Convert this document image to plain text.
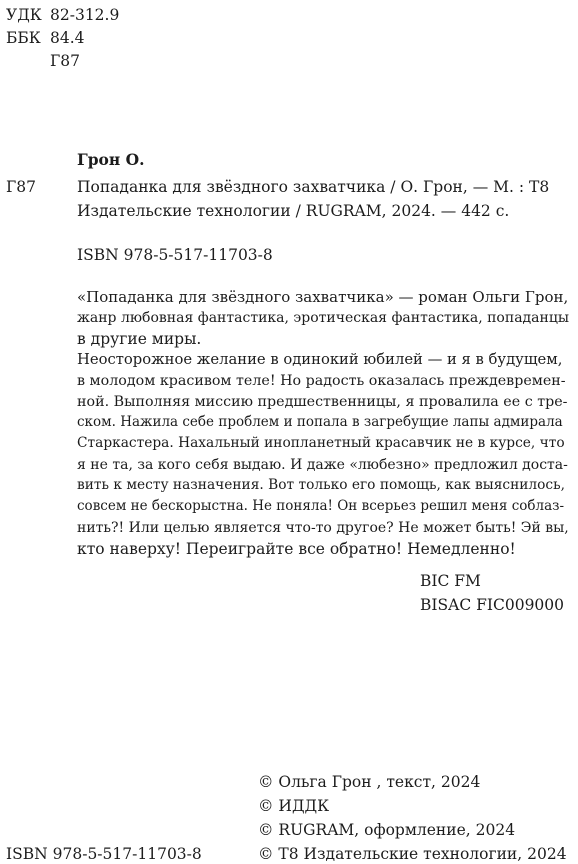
УДК 82-312.9
ББК 84.4
Г87
Грон О.
Г87	Попаданка для звёздного захватчика / О. Грон, — М. : Т8
Издательские технологии / RUGRAM, 2024. — 442 с.
ISBN 978-5-517-11703-8
«Попаданка для звёздного захватчика» — роман Ольги Грон,
жанр любовная фантастика, эротическая фантастика, попаданцы
в другие миры.
Неосторожное желание в одинокий юбилей — и я в будущем,
в молодом красивом теле! Но радость оказалась преждевремен-
ной. Выполняя миссию предшественницы, я провалила ее с тре-
ском. Нажила себе проблем и попала в загребущие лапы адмирала
Старкастера. Нахальный инопланетный красавчик не в курсе, что
я не та, за кого себя выдаю. И даже «любезно» предложил доста-
вить к месту назначения. Вот только его помощь, как выяснилось,
совсем не бескорыстна. Не поняла! Он всерьез решил меня соблаз-
нить?! Или целью является что-то другое? Не может быть! Эй вы,
кто наверху! Переиграйте все обратно! Немедленно!
BIC FM
BISAC FIC009000
© Ольга Грон , текст, 2024
© ИДДК
© RUGRAM, оформление, 2024
© Т8 Издательские технологии, 2024
ISBN 978-5-517-11703-8
